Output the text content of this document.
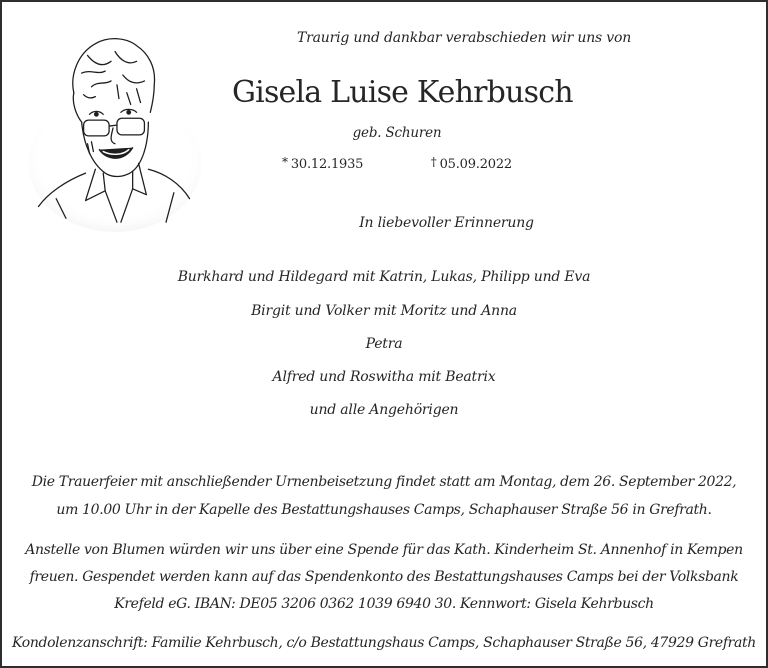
Traurig und dankbar verabschieden wir uns von
Gisela Luise Kehrbusch
geb. Schuren
* 30.12.1935	† 05.09.2022
In liebevoller Erinnerung
Burkhard und Hildegard mit Katrin, Lukas, Philipp und Eva
Birgit und Volker mit Moritz und Anna
Petra
Alfred und Roswitha mit Beatrix
und alle Angehörigen
Die Trauerfeier mit anschließender Urnenbeisetzung findet statt am Montag, dem 26. September 2022,
um 10.00 Uhr in der Kapelle des Bestattungshauses Camps, Schaphauser Straße 56 in Grefrath.
Anstelle von Blumen würden wir uns über eine Spende für das Kath. Kinderheim St. Annenhof in Kempen
freuen. Gespendet werden kann auf das Spendenkonto des Bestattungshauses Camps bei der Volksbank
Krefeld eG. IBAN: DE05 3206 0362 1039 6940 30. Kennwort: Gisela Kehrbusch
Kondolenzanschrift: Familie Kehrbusch, c/o Bestattungshaus Camps, Schaphauser Straße 56, 47929 Grefrath
